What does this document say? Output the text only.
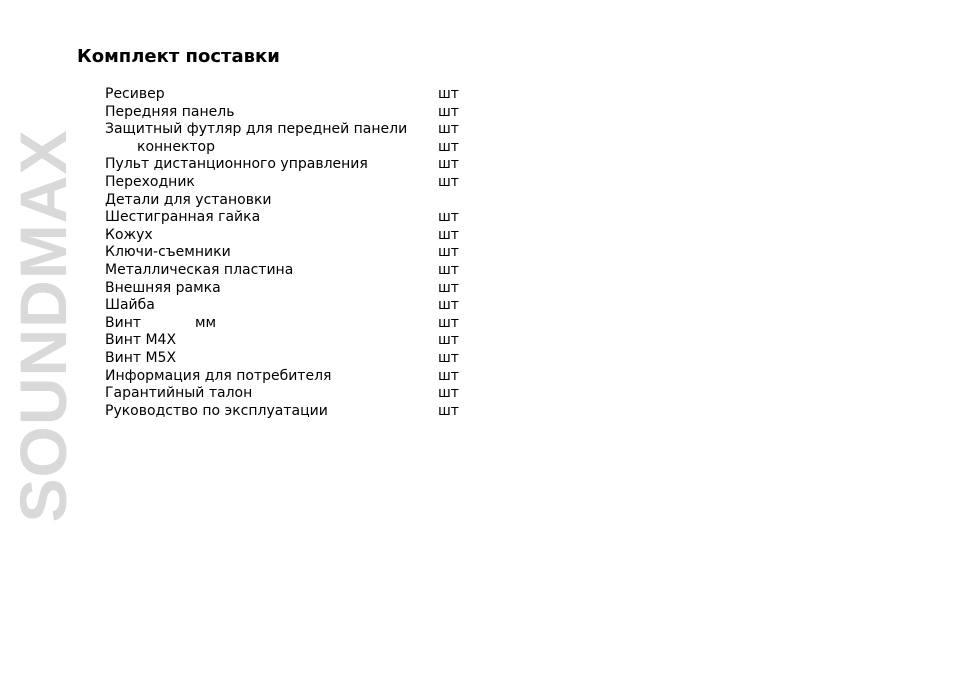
SOUNDMAX
Комплект поставки
Ресивер	шт
Передняя панель	шт
Защитный футляр для передней панели шт
коннектор	шт
Пульт дистанционного управления	шт
Переходник	шт
Детали для установки
Шестигранная гайка	шт
Кожух	шт
Ключи-съемники	шт
Металлическая пластина	шт
Внешняя рамка	шт
Шайба	шт
Винт	мм	шт
Винт M4X	шт
Винт M5X	шт
Информация для потребителя	шт
Гарантийный талон	шт
Руководство по эксплуатации	шт
